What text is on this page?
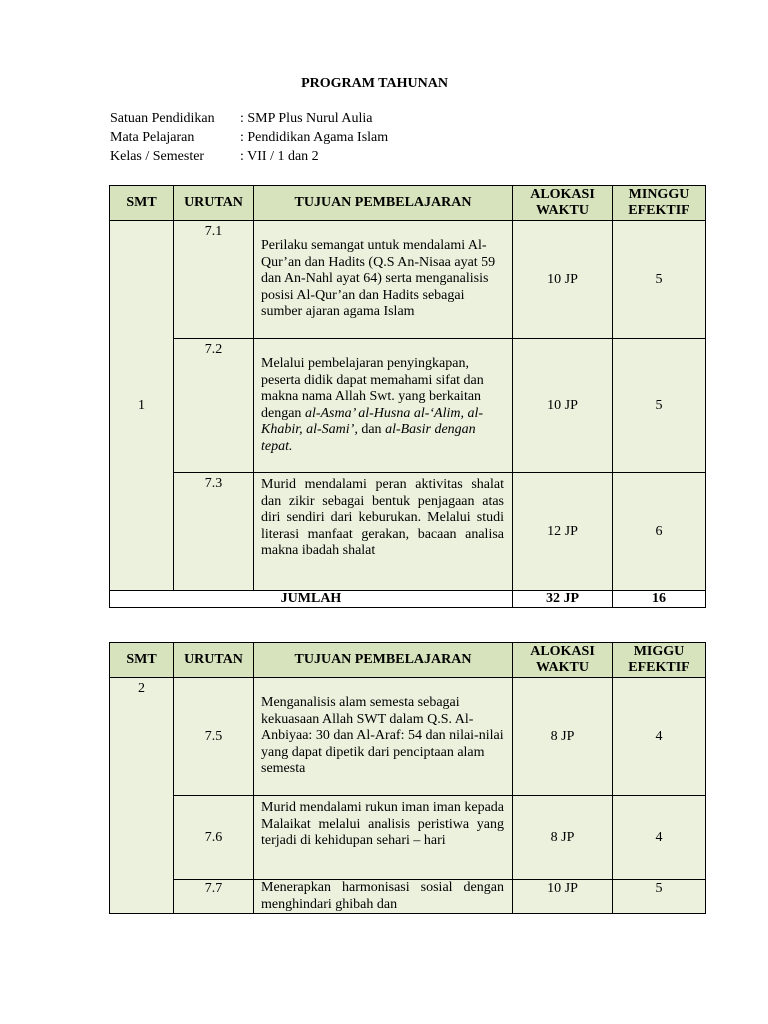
PROGRAM TAHUNAN
Satuan Pendidikan	: SMP Plus Nurul Aulia
Mata Pelajaran	: Pendidikan Agama Islam
Kelas / Semester	: VII / 1 dan 2
SMT	URUTAN	TUJUAN PEMBELAJARAN	ALOKASI WAKTU	MINGGU EFEKTIF
1	7.1	Perilaku semangat untuk mendalami Al-Qur’an dan Hadits (Q.S An-Nisaa ayat 59 dan An-Nahl ayat 64) serta menganalisis posisi Al-Qur’an dan Hadits sebagai sumber ajaran agama Islam	10 JP	5
	7.2	Melalui pembelajaran penyingkapan, peserta didik dapat memahami sifat dan makna nama Allah Swt. yang berkaitan dengan al-Asma’ al-Husna al-‘Alim, al- Khabir, al-Sami’, dan al-Basir dengan tepat.	10 JP	5
	7.3	Murid mendalami peran aktivitas shalat dan zikir sebagai bentuk penjagaan atas diri sendiri dari keburukan. Melalui studi literasi manfaat gerakan, bacaan analisa makna ibadah shalat	12 JP	6
JUMLAH			32 JP	16
SMT	URUTAN	TUJUAN PEMBELAJARAN	ALOKASI WAKTU	MIGGU EFEKTIF
2	7.5	Menganalisis alam semesta sebagai kekuasaan Allah SWT dalam Q.S. Al-Anbiyaa: 30 dan Al-Araf: 54 dan nilai-nilai yang dapat dipetik dari penciptaan alam semesta	8 JP	4
	7.6	Murid mendalami rukun iman iman kepada Malaikat melalui analisis peristiwa yang terjadi di kehidupan sehari – hari	8 JP	4
	7.7	Menerapkan harmonisasi sosial dengan menghindari ghibah dan	10 JP	5
